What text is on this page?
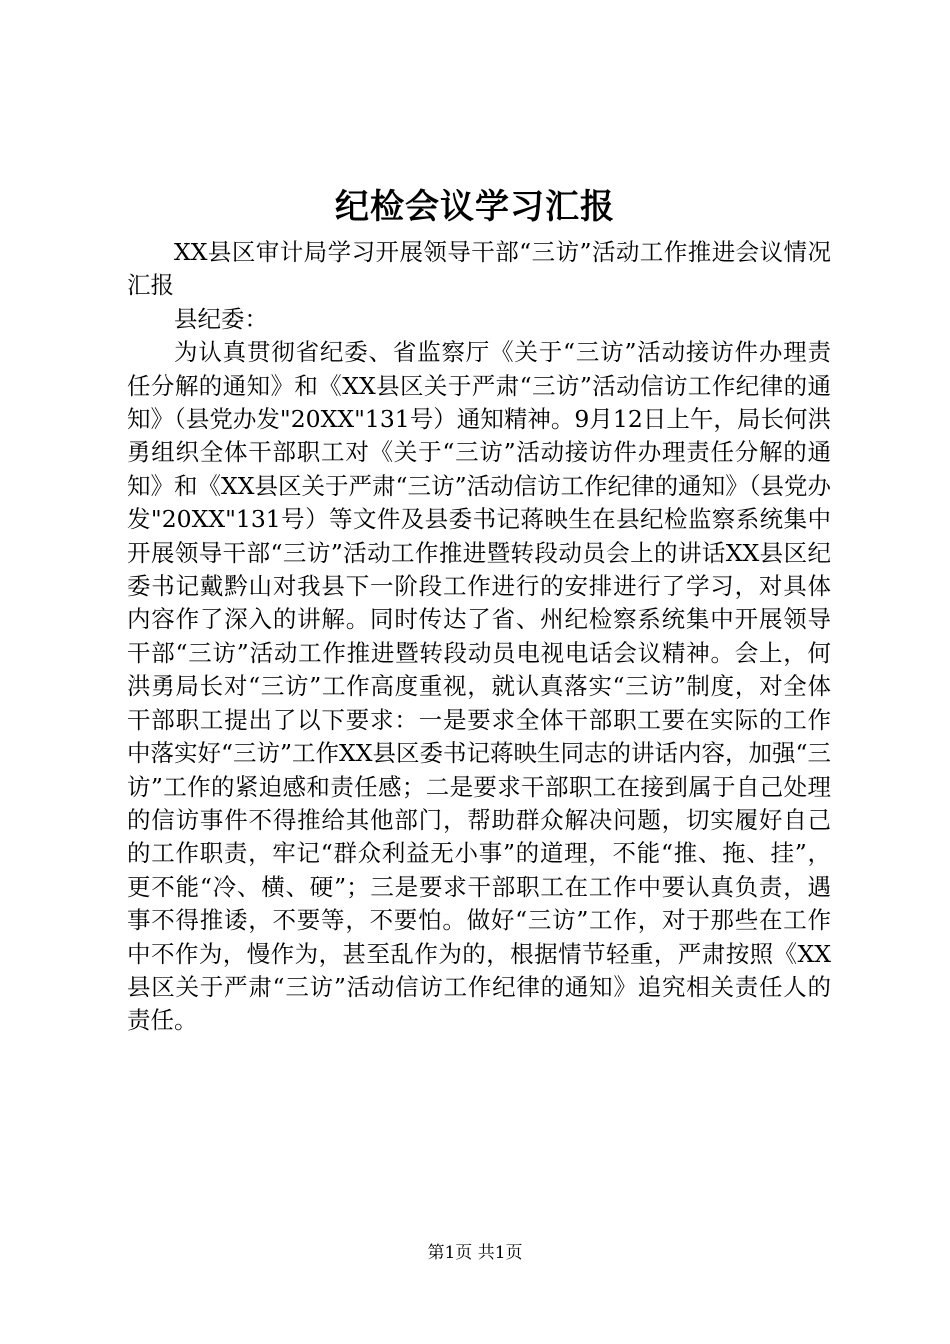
纪检会议学习汇报

XX县区审计局学习开展领导干部“三访”活动工作推进会议情况汇报

县纪委：

为认真贯彻省纪委、省监察厅《关于“三访”活动接访件办理责任分解的通知》和《XX县区关于严肃“三访”活动信访工作纪律的通知》（县党办发"20XX"131号）通知精神。9月12日上午，局长何洪勇组织全体干部职工对《关于“三访”活动接访件办理责任分解的通知》和《XX县区关于严肃“三访”活动信访工作纪律的通知》（县党办发"20XX"131号）等文件及县委书记蒋映生在县纪检监察系统集中开展领导干部“三访”活动工作推进暨转段动员会上的讲话XX县区纪委书记戴黔山对我县下一阶段工作进行的安排进行了学习，对具体内容作了深入的讲解。同时传达了省、州纪检察系统集中开展领导干部“三访”活动工作推进暨转段动员电视电话会议精神。会上，何洪勇局长对“三访”工作高度重视，就认真落实“三访”制度，对全体干部职工提出了以下要求：一是要求全体干部职工要在实际的工作中落实好“三访”工作XX县区委书记蒋映生同志的讲话内容，加强“三访”工作的紧迫感和责任感；二是要求干部职工在接到属于自己处理的信访事件不得推给其他部门，帮助群众解决问题，切实履好自己的工作职责，牢记“群众利益无小事”的道理，不能“推、拖、挂”，更不能“冷、横、硬”；三是要求干部职工在工作中要认真负责，遇事不得推诿，不要等，不要怕。做好“三访”工作，对于那些在工作中不作为，慢作为，甚至乱作为的，根据情节轻重，严肃按照《XX县区关于严肃“三访”活动信访工作纪律的通知》追究相关责任人的责任。

第1页 共1页
